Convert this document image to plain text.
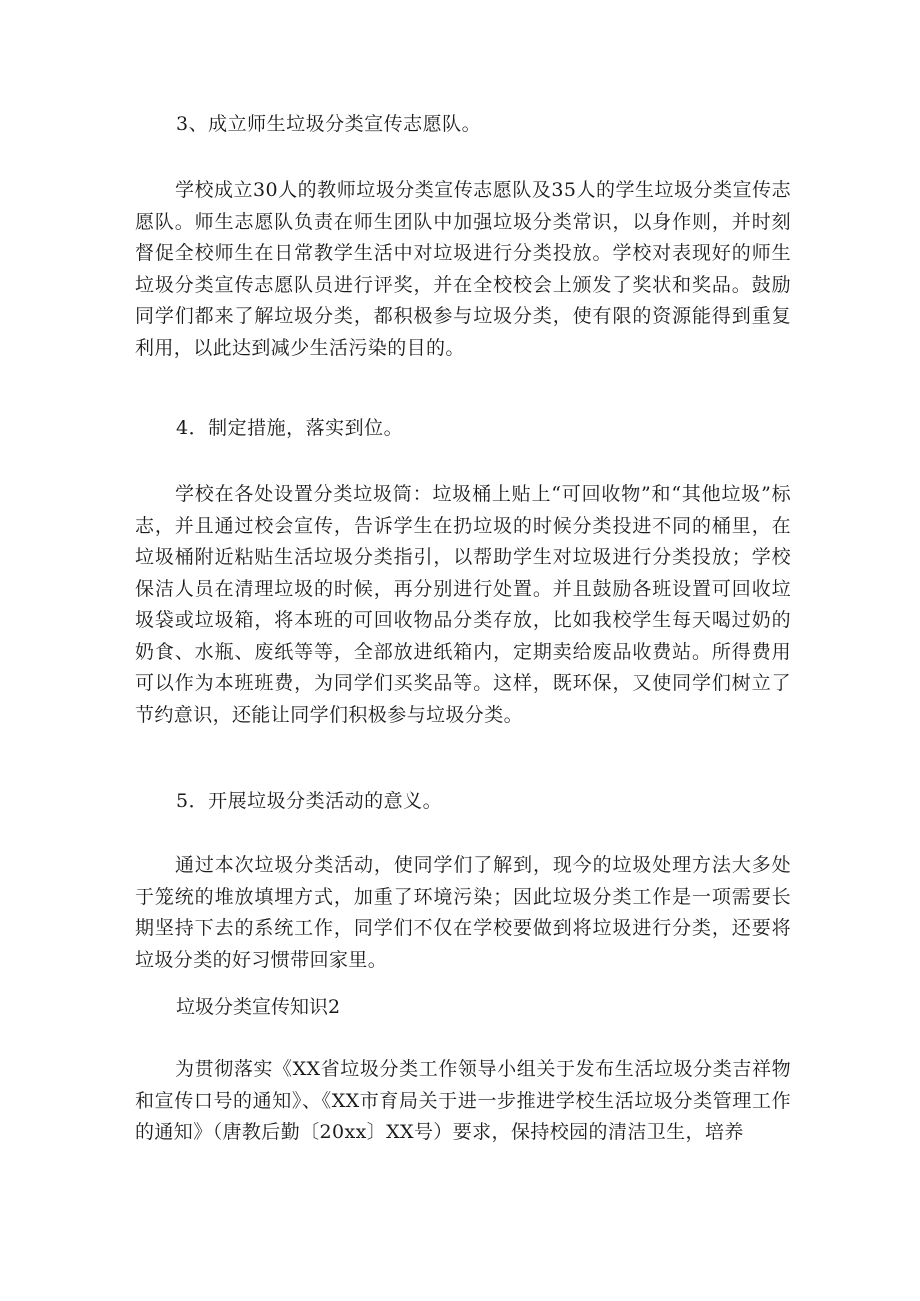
3、成立师生垃圾分类宣传志愿队。

学校成立30人的教师垃圾分类宣传志愿队及35人的学生垃圾分类宣传志愿队。师生志愿队负责在师生团队中加强垃圾分类常识，以身作则，并时刻督促全校师生在日常教学生活中对垃圾进行分类投放。学校对表现好的师生垃圾分类宣传志愿队员进行评奖，并在全校校会上颁发了奖状和奖品。鼓励同学们都来了解垃圾分类，都积极参与垃圾分类，使有限的资源能得到重复利用，以此达到减少生活污染的目的。

4．制定措施，落实到位。

学校在各处设置分类垃圾筒：垃圾桶上贴上“可回收物”和“其他垃圾”标志，并且通过校会宣传，告诉学生在扔垃圾的时候分类投进不同的桶里，在垃圾桶附近粘贴生活垃圾分类指引，以帮助学生对垃圾进行分类投放；学校保洁人员在清理垃圾的时候，再分别进行处置。并且鼓励各班设置可回收垃圾袋或垃圾箱，将本班的可回收物品分类存放，比如我校学生每天喝过奶的奶食、水瓶、废纸等等，全部放进纸箱内，定期卖给废品收费站。所得费用可以作为本班班费，为同学们买奖品等。这样，既环保，又使同学们树立了节约意识，还能让同学们积极参与垃圾分类。

5．开展垃圾分类活动的意义。

通过本次垃圾分类活动，使同学们了解到，现今的垃圾处理方法大多处于笼统的堆放填埋方式，加重了环境污染；因此垃圾分类工作是一项需要长期坚持下去的系统工作，同学们不仅在学校要做到将垃圾进行分类，还要将垃圾分类的好习惯带回家里。

垃圾分类宣传知识2

为贯彻落实《XX省垃圾分类工作领导小组关于发布生活垃圾分类吉祥物和宣传口号的通知》、《XX市育局关于进一步推进学校生活垃圾分类管理工作的通知》（唐教后勤〔20xx〕XX号）要求，保持校园的清洁卫生，培养
